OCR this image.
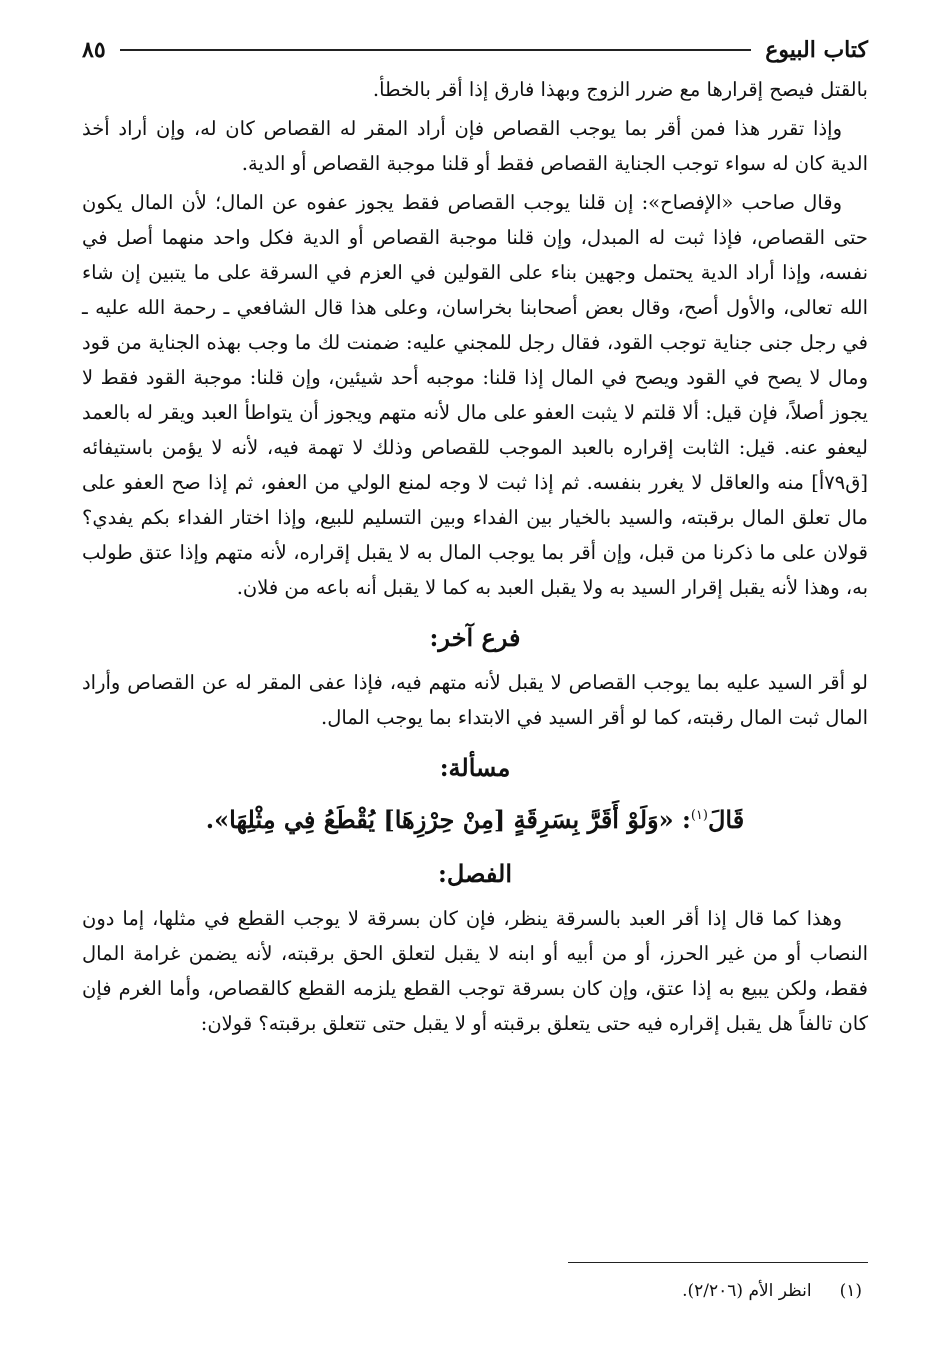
كتاب البيوع
٨٥

بالقتل فيصح إقرارها مع ضرر الزوج وبهذا فارق إذا أقر بالخطأ.

وإذا تقرر هذا فمن أقر بما يوجب القصاص فإن أراد المقر له القصاص كان له، وإن أراد أخذ الدية كان له سواء توجب الجناية القصاص فقط أو قلنا موجبة القصاص أو الدية.

وقال صاحب «الإفصاح»: إن قلنا يوجب القصاص فقط يجوز عفوه عن المال؛ لأن المال يكون حتى القصاص، فإذا ثبت له المبدل، وإن قلنا موجبة القصاص أو الدية فكل واحد منهما أصل في نفسه، وإذا أراد الدية يحتمل وجهين بناء على القولين في العزم في السرقة على ما يتبين إن شاء الله تعالى، والأول أصح، وقال بعض أصحابنا بخراسان، وعلى هذا قال الشافعي ـ رحمة الله عليه ـ في رجل جنى جناية توجب القود، فقال رجل للمجني عليه: ضمنت لك ما وجب بهذه الجناية من قود ومال لا يصح في القود ويصح في المال إذا قلنا: موجبه أحد شيئين، وإن قلنا: موجبة القود فقط لا يجوز أصلاً، فإن قيل: ألا قلتم لا يثبت العفو على مال لأنه متهم ويجوز أن يتواطأ العبد ويقر له بالعمد ليعفو عنه. قيل: الثابت إقراره بالعبد الموجب للقصاص وذلك لا تهمة فيه، لأنه لا يؤمن باستيفائه [ق٧٩أ] منه والعاقل لا يغرر بنفسه. ثم إذا ثبت لا وجه لمنع الولي من العفو، ثم إذا صح العفو على مال تعلق المال برقبته، والسيد بالخيار بين الفداء وبين التسليم للبيع، وإذا اختار الفداء بكم يفدي؟ قولان على ما ذكرنا من قبل، وإن أقر بما يوجب المال به لا يقبل إقراره، لأنه متهم وإذا عتق طولب به، وهذا لأنه يقبل إقرار السيد به ولا يقبل العبد به كما لا يقبل أنه باعه من فلان.

فرع آخر:

لو أقر السيد عليه بما يوجب القصاص لا يقبل لأنه متهم فيه، فإذا عفى المقر له عن القصاص وأراد المال ثبت المال رقبته، كما لو أقر السيد في الابتداء بما يوجب المال.

مسألة:
قَالَ$^{(١)}$: «وَلَوْ أَقَرَّ بِسَرِقَةٍ [مِنْ حِرْزِهَا] يُقْطَعُ فِي مِثْلِهَا».
الفصل:

وهذا كما قال إذا أقر العبد بالسرقة ينظر، فإن كان بسرقة لا يوجب القطع في مثلها، إما دون النصاب أو من غير الحرز، أو من أبيه أو ابنه لا يقبل لتعلق الحق برقبته، لأنه يضمن غرامة المال فقط، ولكن يبيع به إذا عتق، وإن كان بسرقة توجب القطع يلزمه القطع كالقصاص، وأما الغرم فإن كان تالفاً هل يقبل إقراره فيه حتى يتعلق برقبته أو لا يقبل حتى تتعلق برقبته؟ قولان:

(١)انظر الأم (٢/٢٠٦).
